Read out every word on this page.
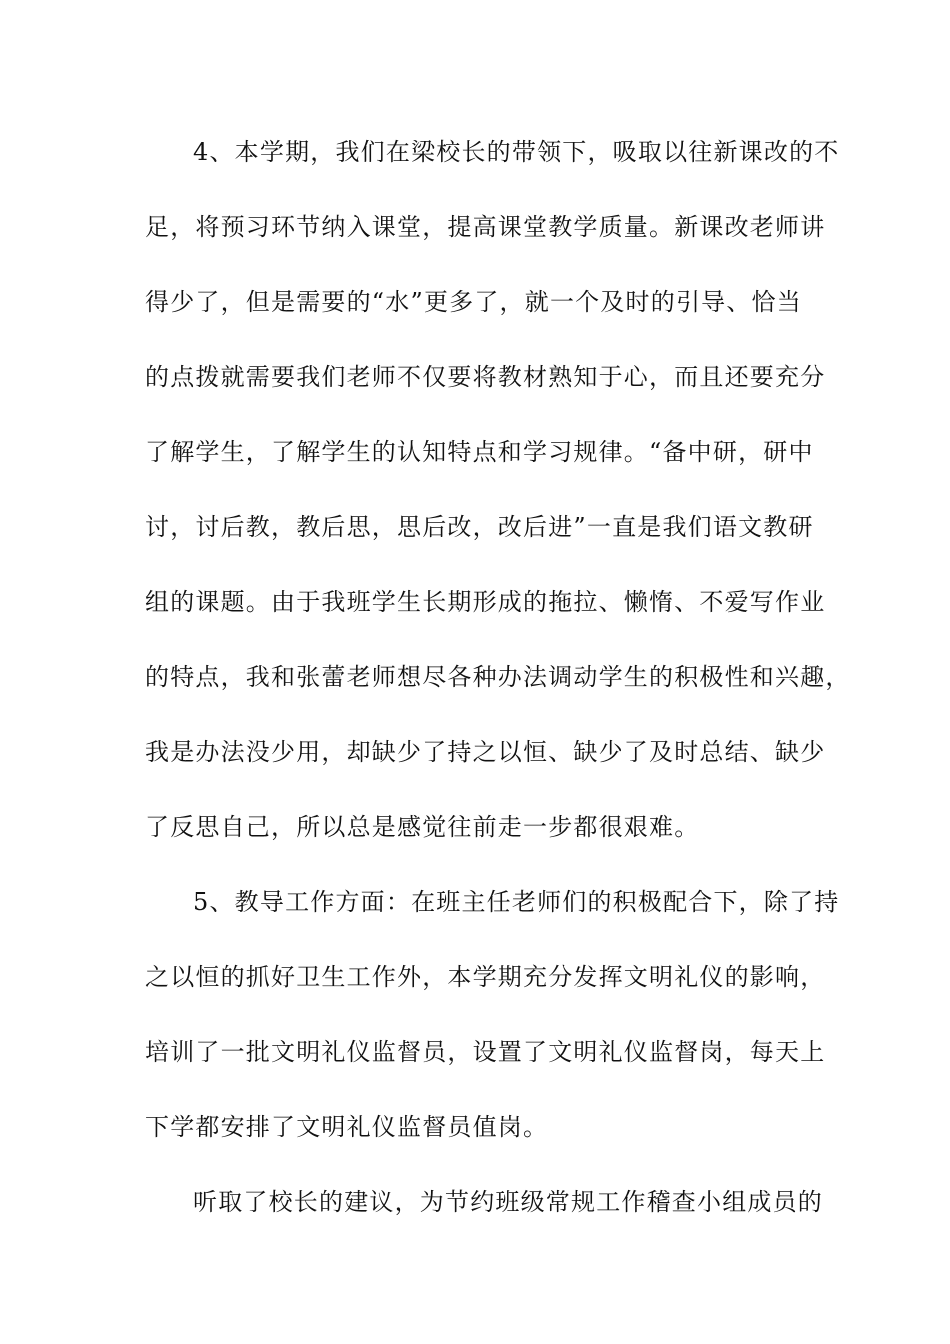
4、本学期，我们在梁校长的带领下，吸取以往新课改的不
足，将预习环节纳入课堂，提高课堂教学质量。新课改老师讲
得少了，但是需要的“水”更多了，就一个及时的引导、恰当
的点拨就需要我们老师不仅要将教材熟知于心，而且还要充分
了解学生，了解学生的认知特点和学习规律。“备中研，研中
讨，讨后教，教后思，思后改，改后进”一直是我们语文教研
组的课题。由于我班学生长期形成的拖拉、懒惰、不爱写作业
的特点，我和张蕾老师想尽各种办法调动学生的积极性和兴趣，
我是办法没少用，却缺少了持之以恒、缺少了及时总结、缺少
了反思自己，所以总是感觉往前走一步都很艰难。
5、教导工作方面：在班主任老师们的积极配合下，除了持
之以恒的抓好卫生工作外，本学期充分发挥文明礼仪的影响，
培训了一批文明礼仪监督员，设置了文明礼仪监督岗，每天上
下学都安排了文明礼仪监督员值岗。
听取了校长的建议，为节约班级常规工作稽查小组成员的
